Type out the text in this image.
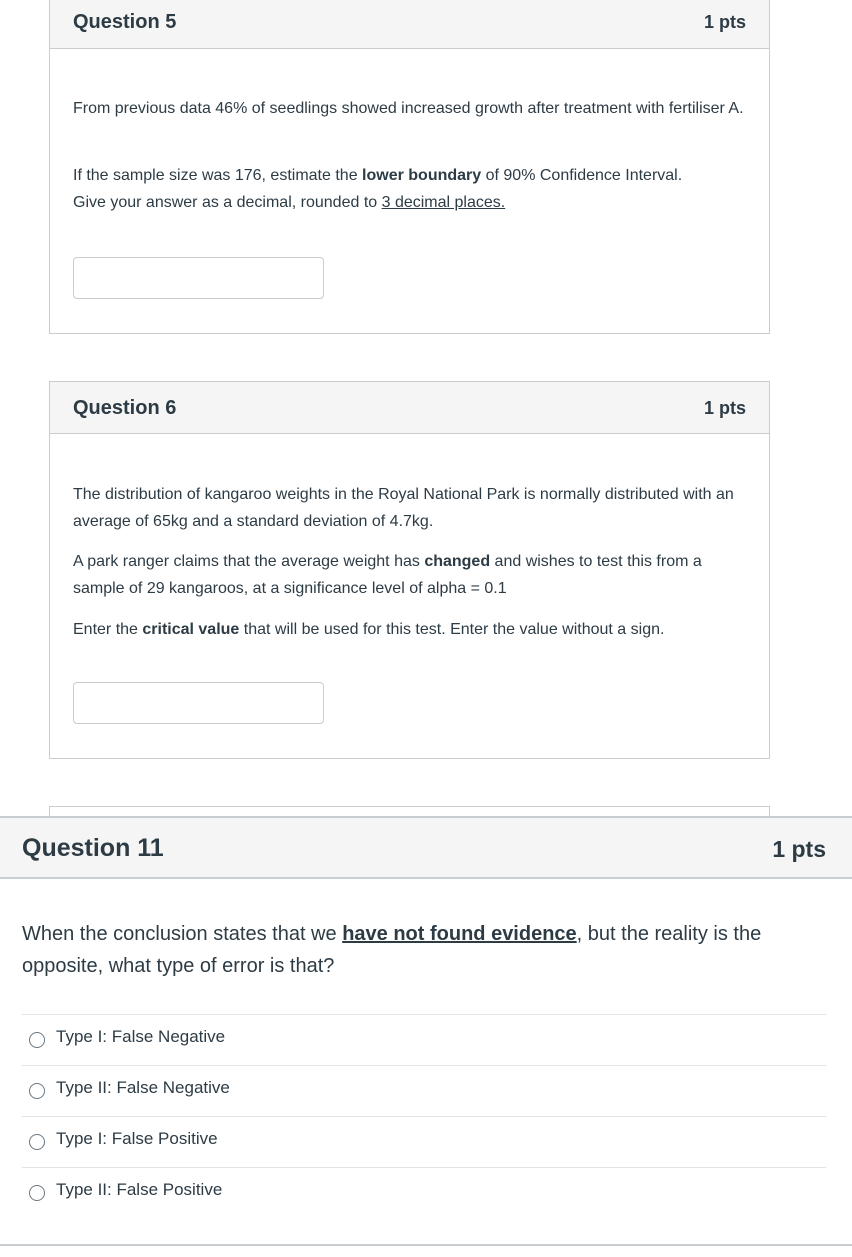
Question 5	1 pts

From previous data 46% of seedlings showed increased growth after treatment with fertiliser A.

If the sample size was 176, estimate the lower boundary of 90% Confidence Interval.
Give your answer as a decimal, rounded to 3 decimal places.

Question 6	1 pts

The distribution of kangaroo weights in the Royal National Park is normally distributed with an average of 65kg and a standard deviation of 4.7kg.

A park ranger claims that the average weight has changed and wishes to test this from a sample of 29 kangaroos, at a significance level of alpha = 0.1

Enter the critical value that will be used for this test. Enter the value without a sign.

Question 11	1 pts

When the conclusion states that we have not found evidence, but the reality is the opposite, what type of error is that?

Type I: False Negative
Type II: False Negative
Type I: False Positive
Type II: False Positive
